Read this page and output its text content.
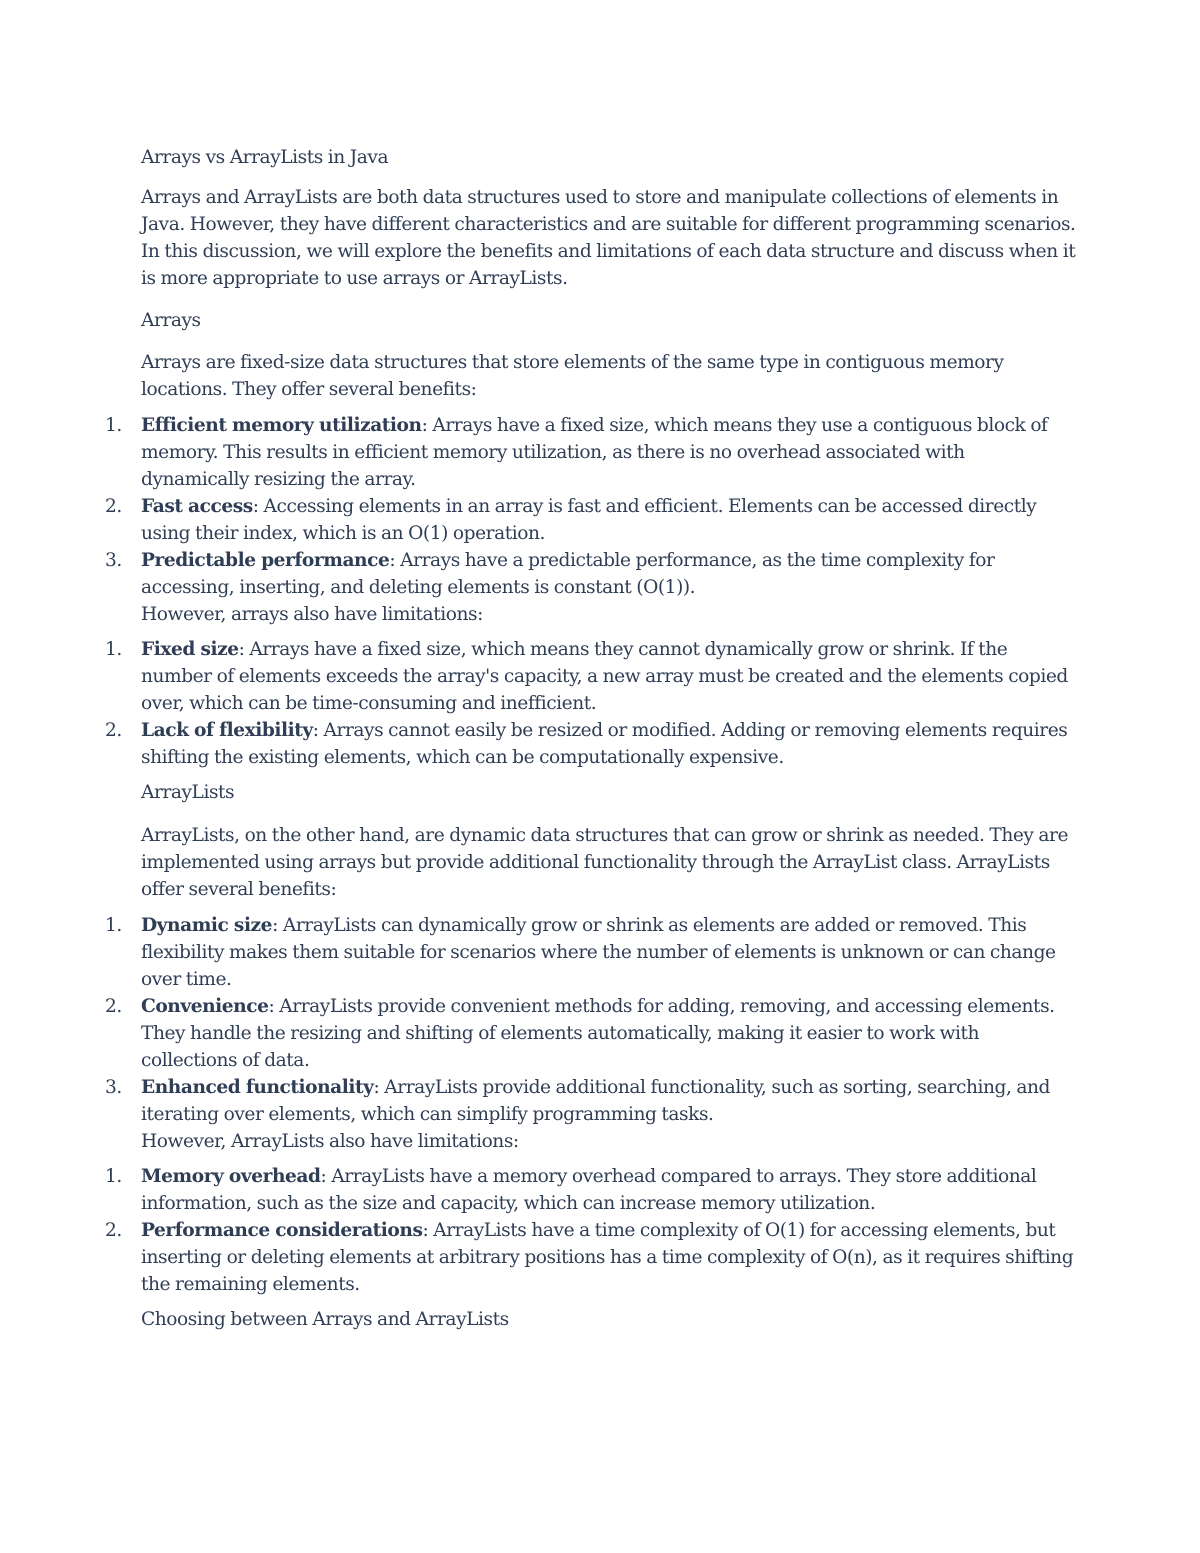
Arrays vs ArrayLists in Java

Arrays and ArrayLists are both data structures used to store and manipulate collections of elements in Java. However, they have different characteristics and are suitable for different programming scenarios. In this discussion, we will explore the benefits and limitations of each data structure and discuss when it is more appropriate to use arrays or ArrayLists.

Arrays

Arrays are fixed-size data structures that store elements of the same type in contiguous memory locations. They offer several benefits:

1. Efficient memory utilization: Arrays have a fixed size, which means they use a contiguous block of memory. This results in efficient memory utilization, as there is no overhead associated with dynamically resizing the array.
2. Fast access: Accessing elements in an array is fast and efficient. Elements can be accessed directly using their index, which is an O(1) operation.
3. Predictable performance: Arrays have a predictable performance, as the time complexity for accessing, inserting, and deleting elements is constant (O(1)).

However, arrays also have limitations:

1. Fixed size: Arrays have a fixed size, which means they cannot dynamically grow or shrink. If the number of elements exceeds the array's capacity, a new array must be created and the elements copied over, which can be time-consuming and inefficient.
2. Lack of flexibility: Arrays cannot easily be resized or modified. Adding or removing elements requires shifting the existing elements, which can be computationally expensive.

ArrayLists

ArrayLists, on the other hand, are dynamic data structures that can grow or shrink as needed. They are implemented using arrays but provide additional functionality through the ArrayList class. ArrayLists offer several benefits:

1. Dynamic size: ArrayLists can dynamically grow or shrink as elements are added or removed. This flexibility makes them suitable for scenarios where the number of elements is unknown or can change over time.
2. Convenience: ArrayLists provide convenient methods for adding, removing, and accessing elements. They handle the resizing and shifting of elements automatically, making it easier to work with collections of data.
3. Enhanced functionality: ArrayLists provide additional functionality, such as sorting, searching, and iterating over elements, which can simplify programming tasks.

However, ArrayLists also have limitations:

1. Memory overhead: ArrayLists have a memory overhead compared to arrays. They store additional information, such as the size and capacity, which can increase memory utilization.
2. Performance considerations: ArrayLists have a time complexity of O(1) for accessing elements, but inserting or deleting elements at arbitrary positions has a time complexity of O(n), as it requires shifting the remaining elements.

Choosing between Arrays and ArrayLists
